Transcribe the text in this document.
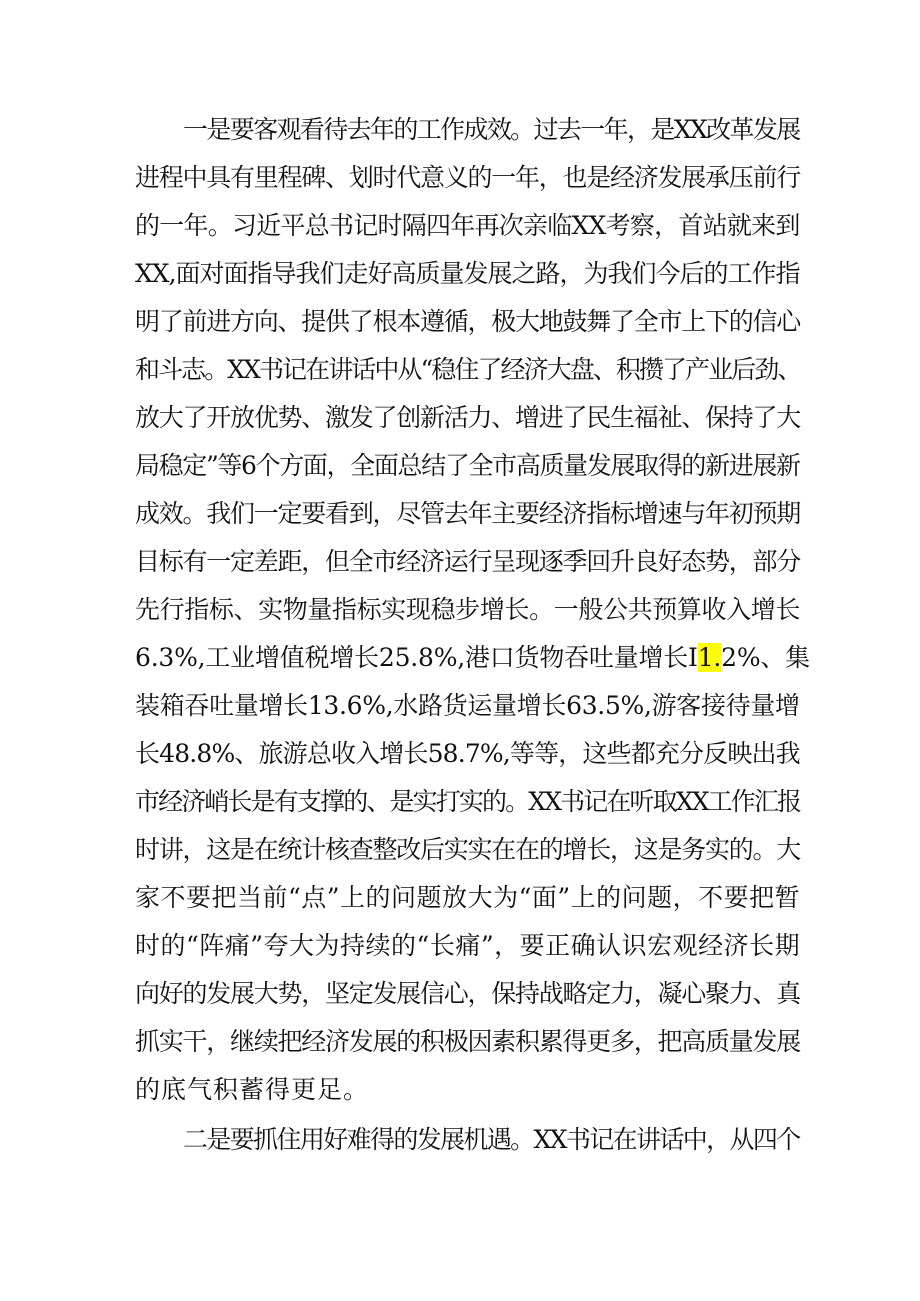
一是要客观看待去年的工作成效。过去一年，是XX改革发展
进程中具有里程碑、划时代意义的一年，也是经济发展承压前行
的一年。习近平总书记时隔四年再次亲临XX考察，首站就来到
XX,面对面指导我们走好高质量发展之路，为我们今后的工作指
明了前进方向、提供了根本遵循，极大地鼓舞了全市上下的信心
和斗志。XX书记在讲话中从“稳住了经济大盘、积攒了产业后劲、
放大了开放优势、激发了创新活力、增进了民生福祉、保持了大
局稳定”等6个方面，全面总结了全市高质量发展取得的新进展新
成效。我们一定要看到，尽管去年主要经济指标增速与年初预期
目标有一定差距，但全市经济运行呈现逐季回升良好态势，部分
先行指标、实物量指标实现稳步增长。一般公共预算收入增长
6.3%,工业增值税增长25.8%,港口货物吞吐量增长I1.2%、集
装箱吞吐量增长13.6%,水路货运量增长63.5%,游客接待量增
长48.8%、旅游总收入增长58.7%,等等，这些都充分反映出我
市经济峭长是有支撑的、是实打实的。XX书记在听取XX工作汇报
时讲，这是在统计核查整改后实实在在的增长，这是务实的。大
家不要把当前“点”上的问题放大为“面”上的问题，不要把暂
时的“阵痛”夸大为持续的“长痛”，要正确认识宏观经济长期
向好的发展大势，坚定发展信心，保持战略定力，凝心聚力、真
抓实干，继续把经济发展的积极因素积累得更多，把高质量发展
的底气积蓄得更足。
二是要抓住用好难得的发展机遇。XX书记在讲话中，从四个
